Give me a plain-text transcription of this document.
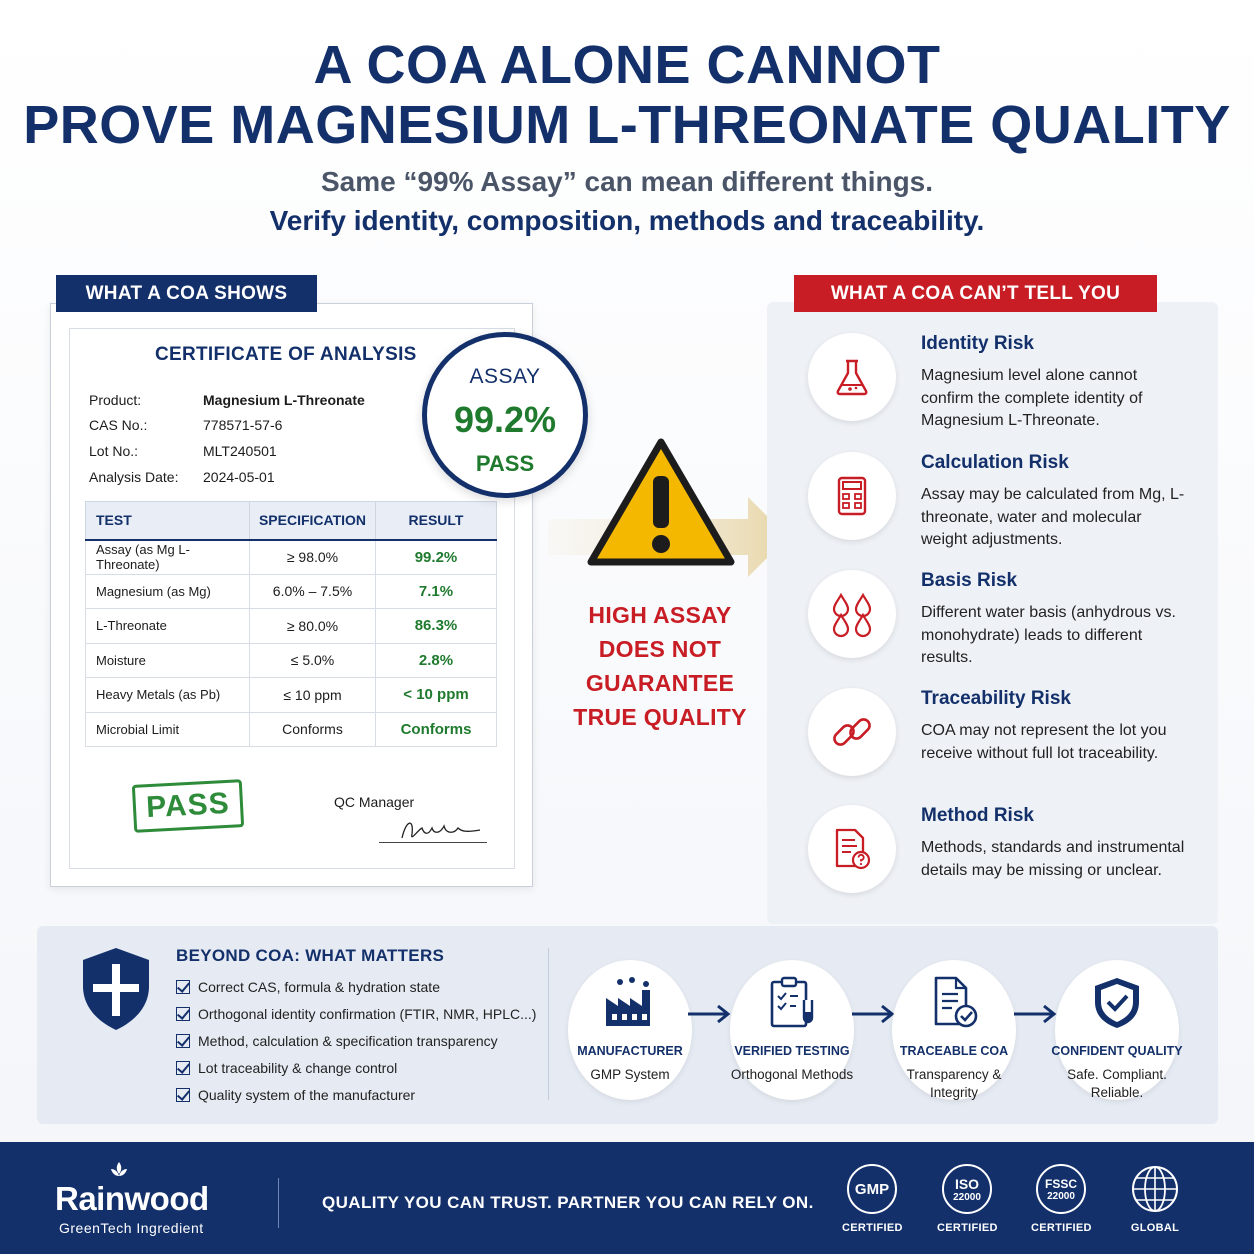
A COA ALONE CANNOT
PROVE MAGNESIUM L-THREONATE QUALITY
Same “99% Assay” can mean different things.
Verify identity, composition, methods and traceability.
CERTIFICATE OF ANALYSIS
Product:	Magnesium L-Threonate
CAS No.:	778571-57-6
Lot No.:	MLT240501
Analysis Date: 2024-05-01
TEST	SPECIFICATION	RESULT
Assay (as Mg L-Threonate)	≥ 98.0%	99.2%
Magnesium (as Mg)	6.0% – 7.5%	7.1%
L-Threonate	≥ 80.0%	86.3%
Moisture	≤ 5.0%	2.8%
Heavy Metals (as Pb)	≤ 10 ppm	< 10 ppm
Microbial Limit	Conforms	Conforms
PASS	QC Manager
WHAT A COA SHOWS
ASSAY
99.2%
PASS
HIGH ASSAY
DOES NOT
GUARANTEE
TRUE QUALITY
WHAT A COA CAN’T TELL YOU
Identity Risk
Magnesium level alone cannot confirm the complete identity of Magnesium L-Threonate.
Calculation Risk
Assay may be calculated from Mg, L-threonate, water and molecular weight adjustments.
Basis Risk
Different water basis (anhydrous vs. monohydrate) leads to different results.
Traceability Risk
COA may not represent the lot you receive without full lot traceability.
Method Risk
Methods, standards and instrumental details may be missing or unclear.
BEYOND COA: WHAT MATTERS
Correct CAS, formula & hydration state
Orthogonal identity confirmation (FTIR, NMR, HPLC...)
Method, calculation & specification transparency
Lot traceability & change control
Quality system of the manufacturer
MANUFACTURER
GMP System
VERIFIED TESTING
Orthogonal Methods
TRACEABLE COA
Transparency & Integrity
CONFIDENT QUALITY
Safe. Compliant. Reliable.
Rainwood
GreenTech Ingredient
QUALITY YOU CAN TRUST. PARTNER YOU CAN RELY ON.
GMP
CERTIFIED
ISO
22000
CERTIFIED
FSSC
22000
CERTIFIED	GLOBAL
